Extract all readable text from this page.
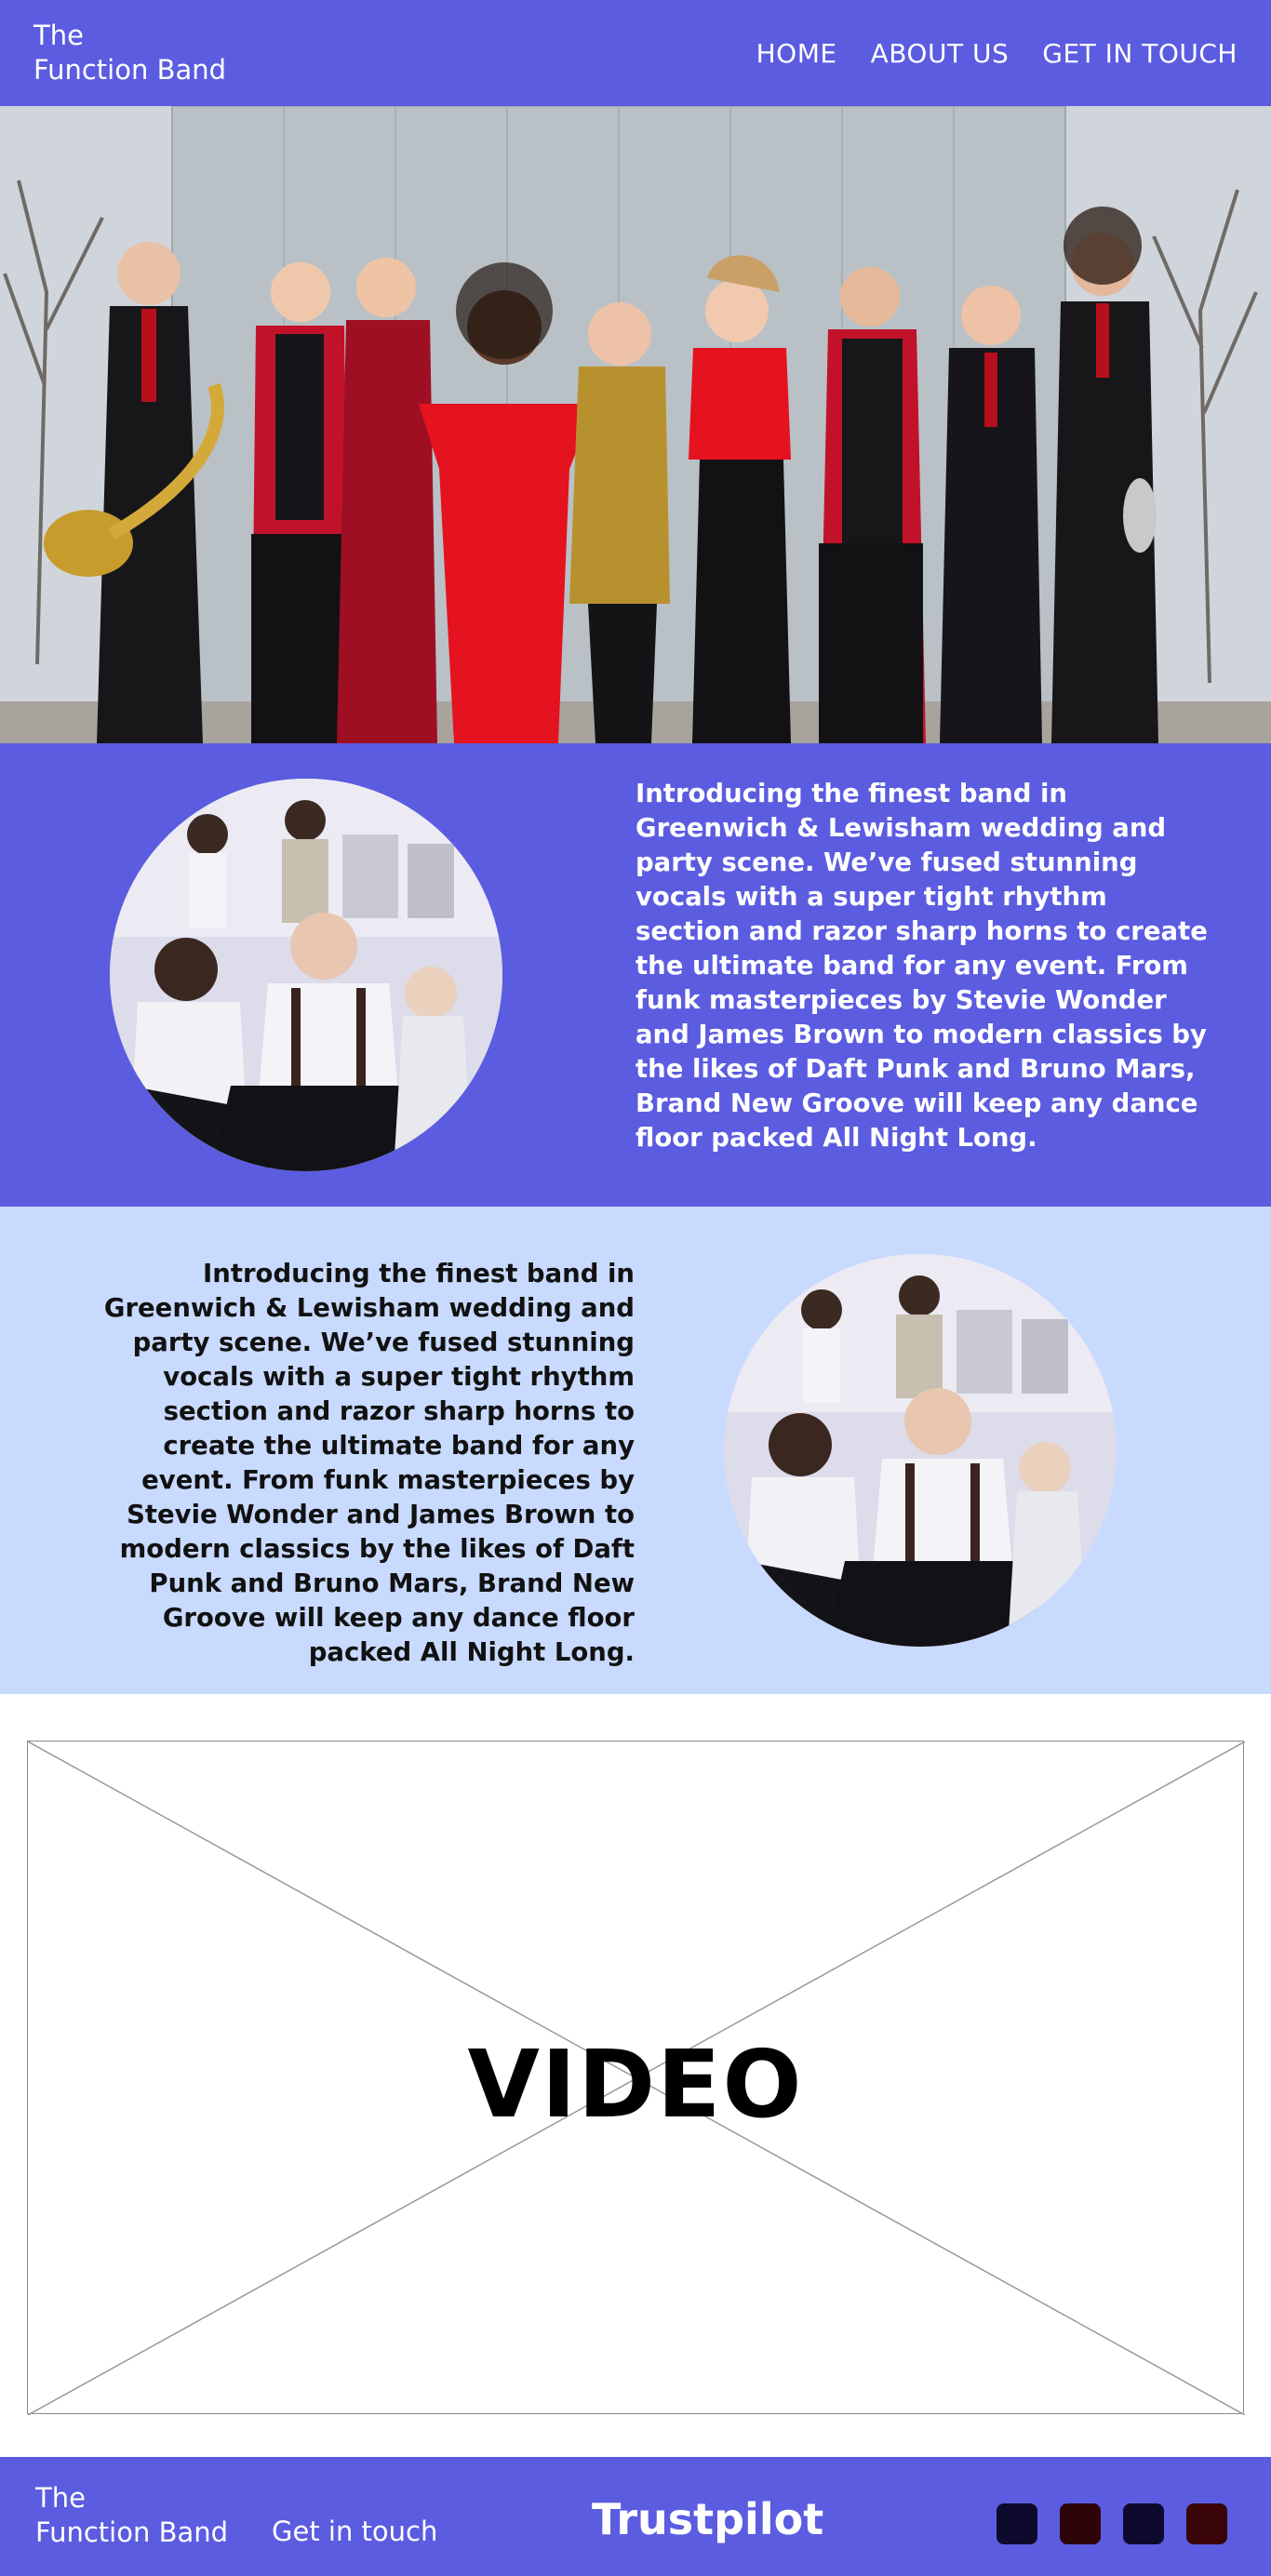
The
Function Band
HOME ABOUT US GET IN TOUCH

Introducing the finest band in Greenwich & Lewisham wedding and party scene. We’ve fused stunning vocals with a super tight rhythm section and razor sharp horns to create the ultimate band for any event. From funk masterpieces by Stevie Wonder and James Brown to modern classics by the likes of Daft Punk and Bruno Mars, Brand New Groove will keep any dance floor packed All Night Long.

Introducing the finest band in Greenwich & Lewisham wedding and party scene. We’ve fused stunning vocals with a super tight rhythm section and razor sharp horns to create the ultimate band for any event. From funk masterpieces by Stevie Wonder and James Brown to modern classics by the likes of Daft Punk and Bruno Mars, Brand New Groove will keep any dance floor packed All Night Long.

VIDEO
The
Function Band Get in touch	Trustpilot
